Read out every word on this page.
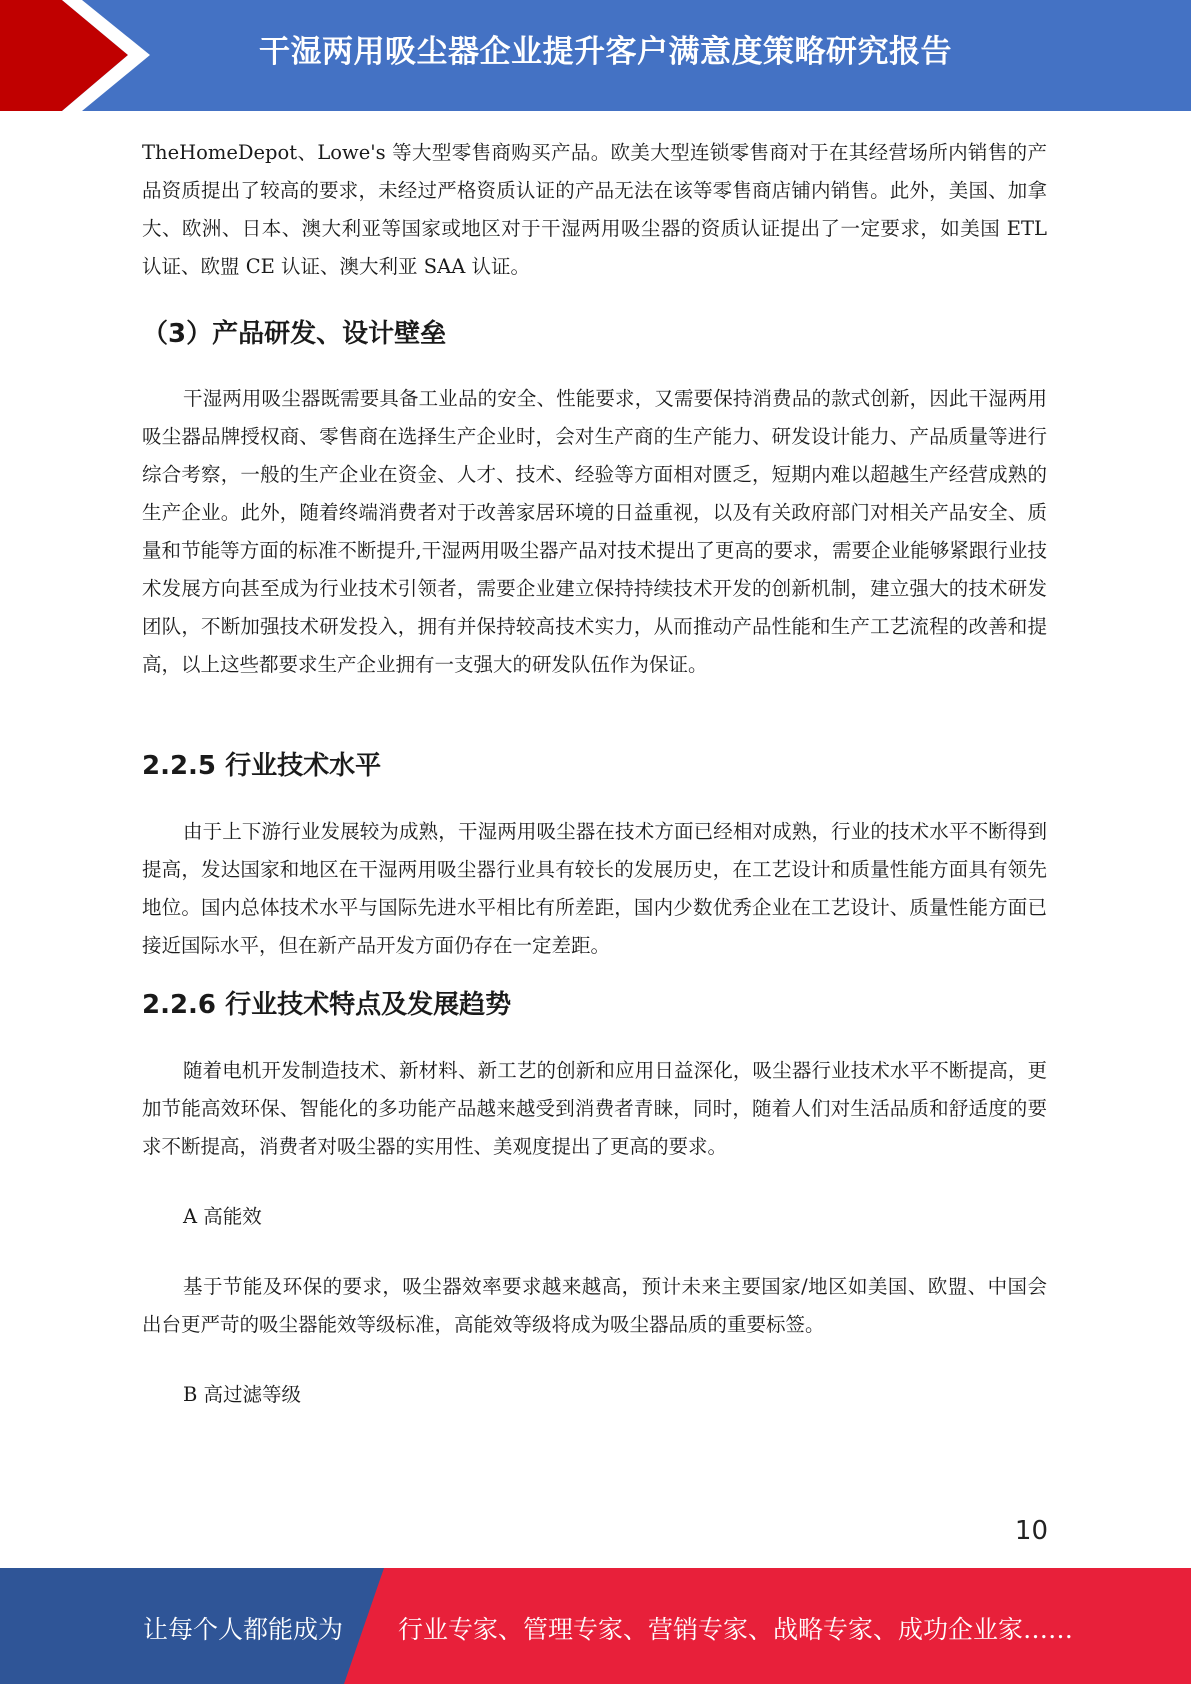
干湿两用吸尘器企业提升客户满意度策略研究报告

TheHomeDepot、Lowe's 等大型零售商购买产品。欧美大型连锁零售商对于在其经营场所内销售的产品资质提出了较高的要求，未经过严格资质认证的产品无法在该等零售商店铺内销售。此外，美国、加拿大、欧洲、日本、澳大利亚等国家或地区对于干湿两用吸尘器的资质认证提出了一定要求，如美国 ETL 认证、欧盟 CE 认证、澳大利亚 SAA 认证。

（3）产品研发、设计壁垒

干湿两用吸尘器既需要具备工业品的安全、性能要求，又需要保持消费品的款式创新，因此干湿两用吸尘器品牌授权商、零售商在选择生产企业时，会对生产商的生产能力、研发设计能力、产品质量等进行综合考察，一般的生产企业在资金、人才、技术、经验等方面相对匮乏，短期内难以超越生产经营成熟的生产企业。此外，随着终端消费者对于改善家居环境的日益重视，以及有关政府部门对相关产品安全、质量和节能等方面的标准不断提升,干湿两用吸尘器产品对技术提出了更高的要求，需要企业能够紧跟行业技术发展方向甚至成为行业技术引领者，需要企业建立保持持续技术开发的创新机制，建立强大的技术研发团队，不断加强技术研发投入，拥有并保持较高技术实力，从而推动产品性能和生产工艺流程的改善和提高，以上这些都要求生产企业拥有一支强大的研发队伍作为保证。

2.2.5 行业技术水平

由于上下游行业发展较为成熟，干湿两用吸尘器在技术方面已经相对成熟，行业的技术水平不断得到提高，发达国家和地区在干湿两用吸尘器行业具有较长的发展历史，在工艺设计和质量性能方面具有领先地位。国内总体技术水平与国际先进水平相比有所差距，国内少数优秀企业在工艺设计、质量性能方面已接近国际水平，但在新产品开发方面仍存在一定差距。

2.2.6 行业技术特点及发展趋势

随着电机开发制造技术、新材料、新工艺的创新和应用日益深化，吸尘器行业技术水平不断提高，更加节能高效环保、智能化的多功能产品越来越受到消费者青睐，同时，随着人们对生活品质和舒适度的要求不断提高，消费者对吸尘器的实用性、美观度提出了更高的要求。

A 高能效

基于节能及环保的要求，吸尘器效率要求越来越高，预计未来主要国家/地区如美国、欧盟、中国会出台更严苛的吸尘器能效等级标准，高能效等级将成为吸尘器品质的重要标签。

B 高过滤等级

10
让每个人都能成为 行业专家、管理专家、营销专家、战略专家、成功企业家……
